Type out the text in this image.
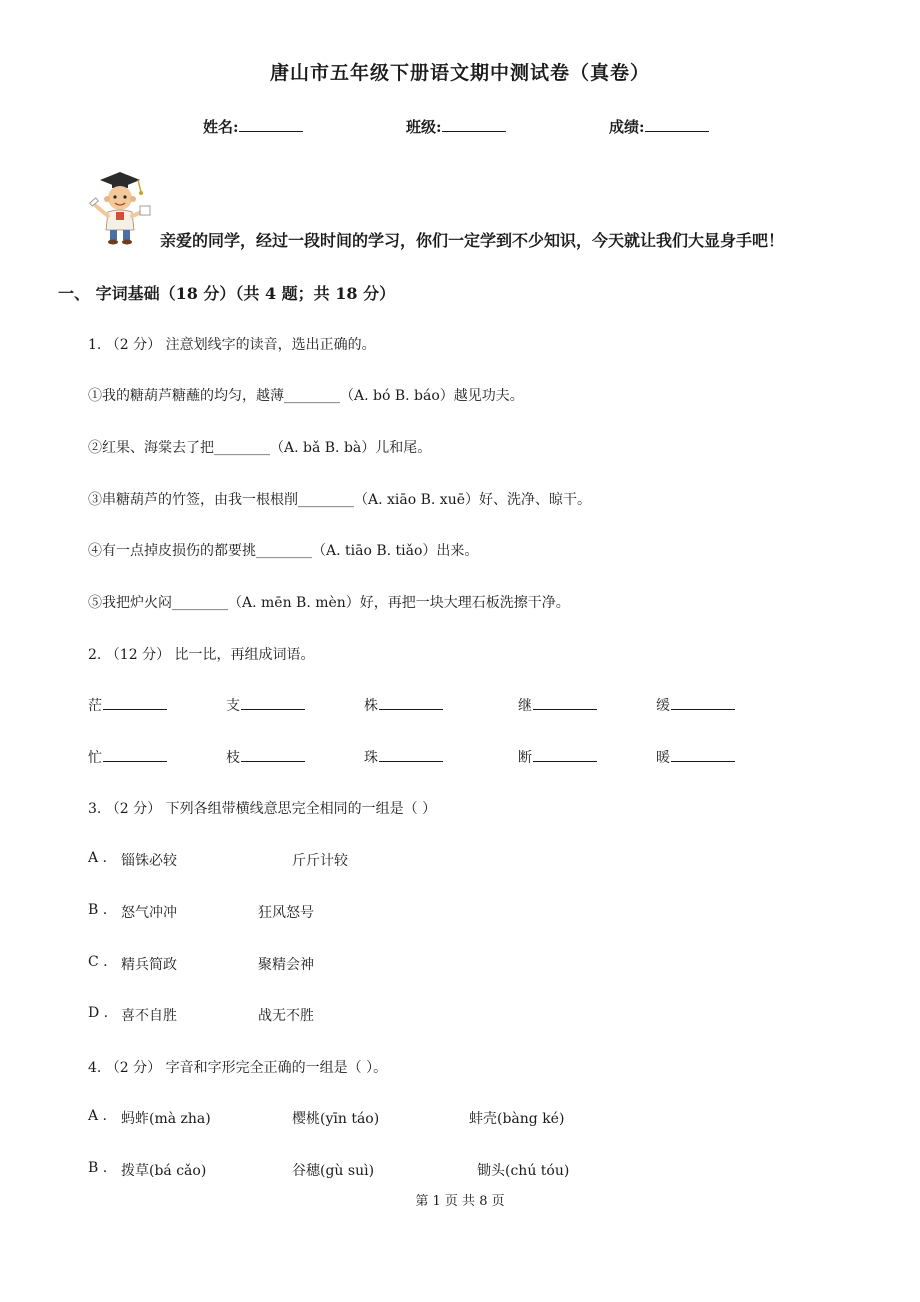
唐山市五年级下册语文期中测试卷（真卷）
姓名:	班级:	成绩:
亲爱的同学，经过一段时间的学习，你们一定学到不少知识，今天就让我们大显身手吧！
一、 字词基础（18 分）（共 4 题；共 18 分）
1. （2 分） 注意划线字的读音，选出正确的。
①我的糖葫芦糖蘸的均匀，越薄________（A. bó B. báo）越见功夫。
②红果、海棠去了把________（A. bǎ B. bà）儿和尾。
③串糖葫芦的竹签，由我一根根削________（A. xiāo B. xuē）好、洗净、晾干。
④有一点掉皮损伤的都要挑________（A. tiāo B. tiǎo）出来。
⑤我把炉火闷________（A. mēn B. mèn）好，再把一块大理石板洗擦干净。
2. （12 分） 比一比，再组成词语。
茫	支	株	继	缓
忙	枝	珠	断	暖
3. （2 分） 下列各组带横线意思完全相同的一组是（ ）
A . 锱铢必较	斤斤计较
B . 怒气冲冲	狂风怒号
C . 精兵简政	聚精会神
D . 喜不自胜	战无不胜
4. （2 分） 字音和字形完全正确的一组是（ ）。
A . 蚂蚱(mà zha)	樱桃(yīn táo)	蚌壳(bàng ké)
B . 拨草(bá cǎo)	谷穗(gù suì)	锄头(chú tóu)
第 1 页 共 8 页
